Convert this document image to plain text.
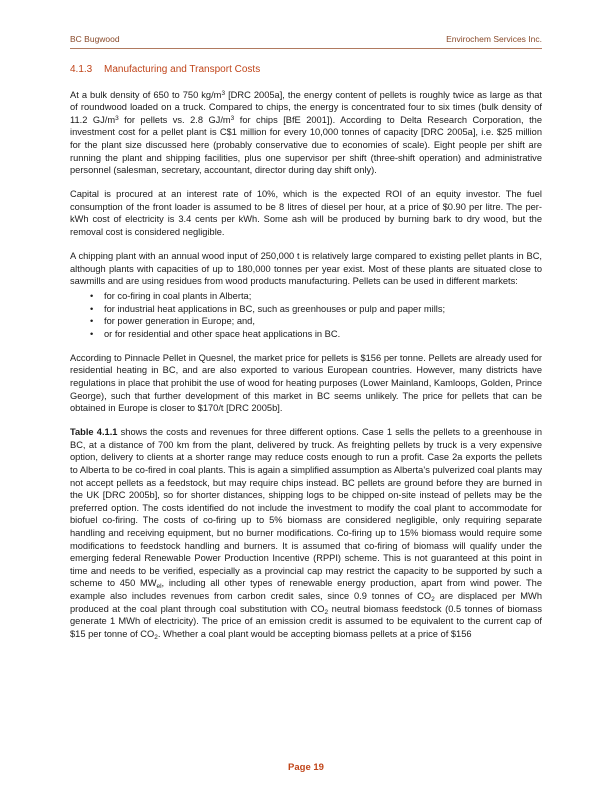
BC Bugwood	Envirochem Services Inc.
4.1.3 Manufacturing and Transport Costs

At a bulk density of 650 to 750 $kg/m^3$ [DRC 2005a], the energy content of pellets is roughly twice as large as that of roundwood loaded on a truck. Compared to chips, the energy is concentrated four to six times (bulk density of 11.2 $GJ/m^3$ for pellets vs. 2.8 $GJ/m^3$ for chips [BfE 2001]). According to Delta Research Corporation, the investment cost for a pellet plant is C$1 million for every 10,000 tonnes of capacity [DRC 2005a], i.e. $25 million for the plant size discussed here (probably conservative due to economies of scale). Eight people per shift are running the plant and shipping facilities, plus one supervisor per shift (three-shift operation) and administrative personnel (salesman, secretary, accountant, director during day shift only).

Capital is procured at an interest rate of 10%, which is the expected ROI of an equity investor. The fuel consumption of the front loader is assumed to be 8 litres of diesel per hour, at a price of $0.90 per litre. The per-kWh cost of electricity is 3.4 cents per kWh. Some ash will be produced by burning bark to dry wood, but the removal cost is considered negligible.

A chipping plant with an annual wood input of 250,000 t is relatively large compared to existing pellet plants in BC, although plants with capacities of up to 180,000 tonnes per year exist. Most of these plants are situated close to sawmills and are using residues from wood products manufacturing. Pellets can be used in different markets:

• for co-firing in coal plants in Alberta;
• for industrial heat applications in BC, such as greenhouses or pulp and paper mills;
• for power generation in Europe; and,
• or for residential and other space heat applications in BC.

According to Pinnacle Pellet in Quesnel, the market price for pellets is $156 per tonne. Pellets are already used for residential heating in BC, and are also exported to various European countries. However, many districts have regulations in place that prohibit the use of wood for heating purposes (Lower Mainland, Kamloops, Golden, Prince George), such that further development of this market in BC seems unlikely. The price for pellets that can be obtained in Europe is closer to $170/t [DRC 2005b].

Table 4.1.1 shows the costs and revenues for three different options. Case 1 sells the pellets to a greenhouse in BC, at a distance of 700 km from the plant, delivered by truck. As freighting pellets by truck is a very expensive option, delivery to clients at a shorter range may reduce costs enough to run a profit. Case 2a exports the pellets to Alberta to be co-fired in coal plants. This is again a simplified assumption as Alberta’s pulverized coal plants may not accept pellets as a feedstock, but may require chips instead. BC pellets are ground before they are burned in the UK [DRC 2005b], so for shorter distances, shipping logs to be chipped on-site instead of pellets may be the preferred option. The costs identified do not include the investment to modify the coal plant to accommodate for biofuel co-firing. The costs of co-firing up to 5% biomass are considered negligible, only requiring separate handling and receiving equipment, but no burner modifications. Co-firing up to 15% biomass would require some modifications to feedstock handling and burners. It is assumed that co-firing of biomass will qualify under the emerging federal Renewable Power Production Incentive (RPPI) scheme. This is not guaranteed at this point in time and needs to be verified, especially as a provincial cap may restrict the capacity to be supported by such a scheme to 450 $MW_{el}$, including all other types of renewable energy production, apart from wind power. The example also includes revenues from carbon credit sales, since 0.9 tonnes of $CO_2$ are displaced per MWh produced at the coal plant through coal substitution with $CO_2$ neutral biomass feedstock (0.5 tonnes of biomass generate 1 MWh of electricity). The price of an emission credit is assumed to be equivalent to the current cap of $15 per tonne of $CO_2$. Whether a coal plant would be accepting biomass pellets at a price of $156

Page 19
